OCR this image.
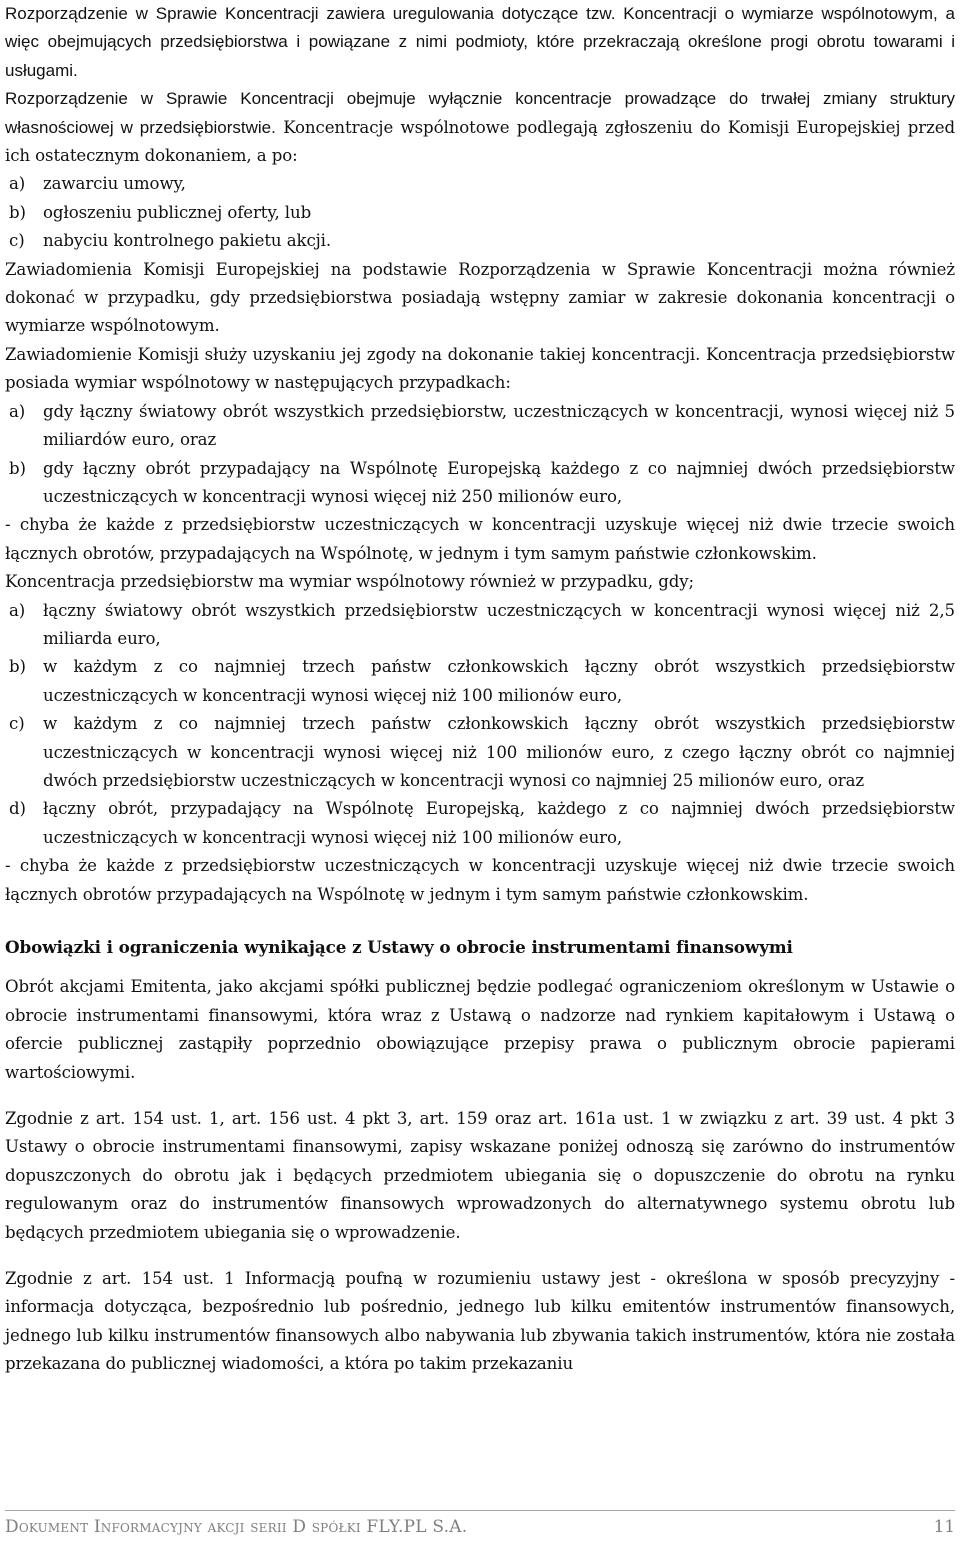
Rozporządzenie w Sprawie Koncentracji zawiera uregulowania dotyczące tzw. Koncentracji o wymiarze wspólnotowym, a więc obejmujących przedsiębiorstwa i powiązane z nimi podmioty, które przekraczają określone progi obrotu towarami i usługami.

Rozporządzenie w Sprawie Koncentracji obejmuje wyłącznie koncentracje prowadzące do trwałej zmiany struktury własnościowej w przedsiębiorstwie. Koncentracje wspólnotowe podlegają zgłoszeniu do Komisji Europejskiej przed ich ostatecznym dokonaniem, a po:

a)	zawarciu umowy,
b)	ogłoszeniu publicznej oferty, lub
c)	nabyciu kontrolnego pakietu akcji.

Zawiadomienia Komisji Europejskiej na podstawie Rozporządzenia w Sprawie Koncentracji można również dokonać w przypadku, gdy przedsiębiorstwa posiadają wstępny zamiar w zakresie dokonania koncentracji o wymiarze wspólnotowym.

Zawiadomienie Komisji służy uzyskaniu jej zgody na dokonanie takiej koncentracji. Koncentracja przedsiębiorstw posiada wymiar wspólnotowy w następujących przypadkach:

a)	gdy łączny światowy obrót wszystkich przedsiębiorstw, uczestniczących w koncentracji, wynosi więcej niż 5 miliardów euro, oraz
b)	gdy łączny obrót przypadający na Wspólnotę Europejską każdego z co najmniej dwóch przedsiębiorstw uczestniczących w koncentracji wynosi więcej niż 250 milionów euro,

- chyba że każde z przedsiębiorstw uczestniczących w koncentracji uzyskuje więcej niż dwie trzecie swoich łącznych obrotów, przypadających na Wspólnotę, w jednym i tym samym państwie członkowskim.

Koncentracja przedsiębiorstw ma wymiar wspólnotowy również w przypadku, gdy;

a)	łączny światowy obrót wszystkich przedsiębiorstw uczestniczących w koncentracji wynosi więcej niż 2,5 miliarda euro,
b)	w każdym z co najmniej trzech państw członkowskich łączny obrót wszystkich przedsiębiorstw uczestniczących w koncentracji wynosi więcej niż 100 milionów euro,
c)	w każdym z co najmniej trzech państw członkowskich łączny obrót wszystkich przedsiębiorstw uczestniczących w koncentracji wynosi więcej niż 100 milionów euro, z czego łączny obrót co najmniej dwóch przedsiębiorstw uczestniczących w koncentracji wynosi co najmniej 25 milionów euro, oraz
d)	łączny obrót, przypadający na Wspólnotę Europejską, każdego z co najmniej dwóch przedsiębiorstw uczestniczących w koncentracji wynosi więcej niż 100 milionów euro,

- chyba że każde z przedsiębiorstw uczestniczących w koncentracji uzyskuje więcej niż dwie trzecie swoich łącznych obrotów przypadających na Wspólnotę w jednym i tym samym państwie członkowskim.

Obowiązki i ograniczenia wynikające z Ustawy o obrocie instrumentami finansowymi

Obrót akcjami Emitenta, jako akcjami spółki publicznej będzie podlegać ograniczeniom określonym w Ustawie o obrocie instrumentami finansowymi, która wraz z Ustawą o nadzorze nad rynkiem kapitałowym i Ustawą o ofercie publicznej zastąpiły poprzednio obowiązujące przepisy prawa o publicznym obrocie papierami wartościowymi.

Zgodnie z art. 154 ust. 1, art. 156 ust. 4 pkt 3, art. 159 oraz art. 161a ust. 1 w związku z art. 39 ust. 4 pkt 3 Ustawy o obrocie instrumentami finansowymi, zapisy wskazane poniżej odnoszą się zarówno do instrumentów dopuszczonych do obrotu jak i będących przedmiotem ubiegania się o dopuszczenie do obrotu na rynku regulowanym oraz do instrumentów finansowych wprowadzonych do alternatywnego systemu obrotu lub będących przedmiotem ubiegania się o wprowadzenie.

Zgodnie z art. 154 ust. 1 Informacją poufną w rozumieniu ustawy jest - określona w sposób precyzyjny - informacja dotycząca, bezpośrednio lub pośrednio, jednego lub kilku emitentów instrumentów finansowych, jednego lub kilku instrumentów finansowych albo nabywania lub zbywania takich instrumentów, która nie została przekazana do publicznej wiadomości, a która po takim przekazaniu

Dokument Informacyjny akcji serii D spółki FLY.PL S.A.	11
